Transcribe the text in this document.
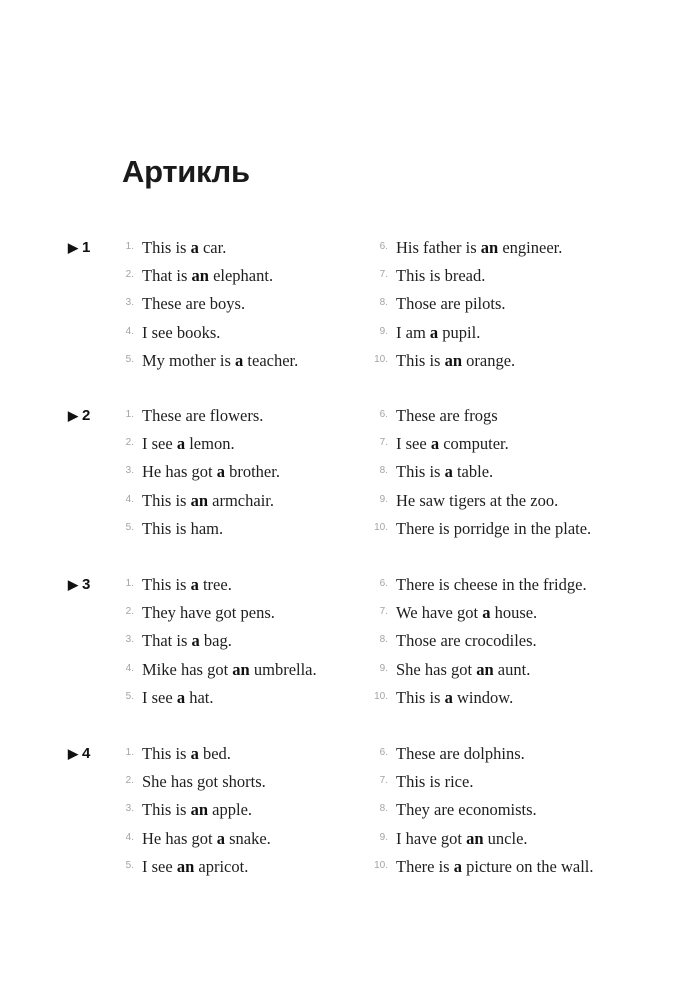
Артикль
▶ 1	1. This is a car.
2. That is an elephant.
3. These are boys.
4. I see books.
5. My mother is a teacher.
6. His father is an engineer.
7. This is bread.
8. Those are pilots.
9. I am a pupil.
10. This is an orange.
▶ 2	1. These are flowers.
2. I see a lemon.
3. He has got a brother.
4. This is an armchair.
5. This is ham.
6. These are frogs
7. I see a computer.
8. This is a table.
9. He saw tigers at the zoo.
10. There is porridge in the plate.
▶ 3	1. This is a tree.
2. They have got pens.
3. That is a bag.
4. Mike has got an umbrella.
5. I see a hat.
6. There is cheese in the fridge.
7. We have got a house.
8. Those are crocodiles.
9. She has got an aunt.
10. This is a window.
▶ 4	1. This is a bed.
2. She has got shorts.
3. This is an apple.
4. He has got a snake.
5. I see an apricot.
6. These are dolphins.
7. This is rice.
8. They are economists.
9. I have got an uncle.
10. There is a picture on the wall.
